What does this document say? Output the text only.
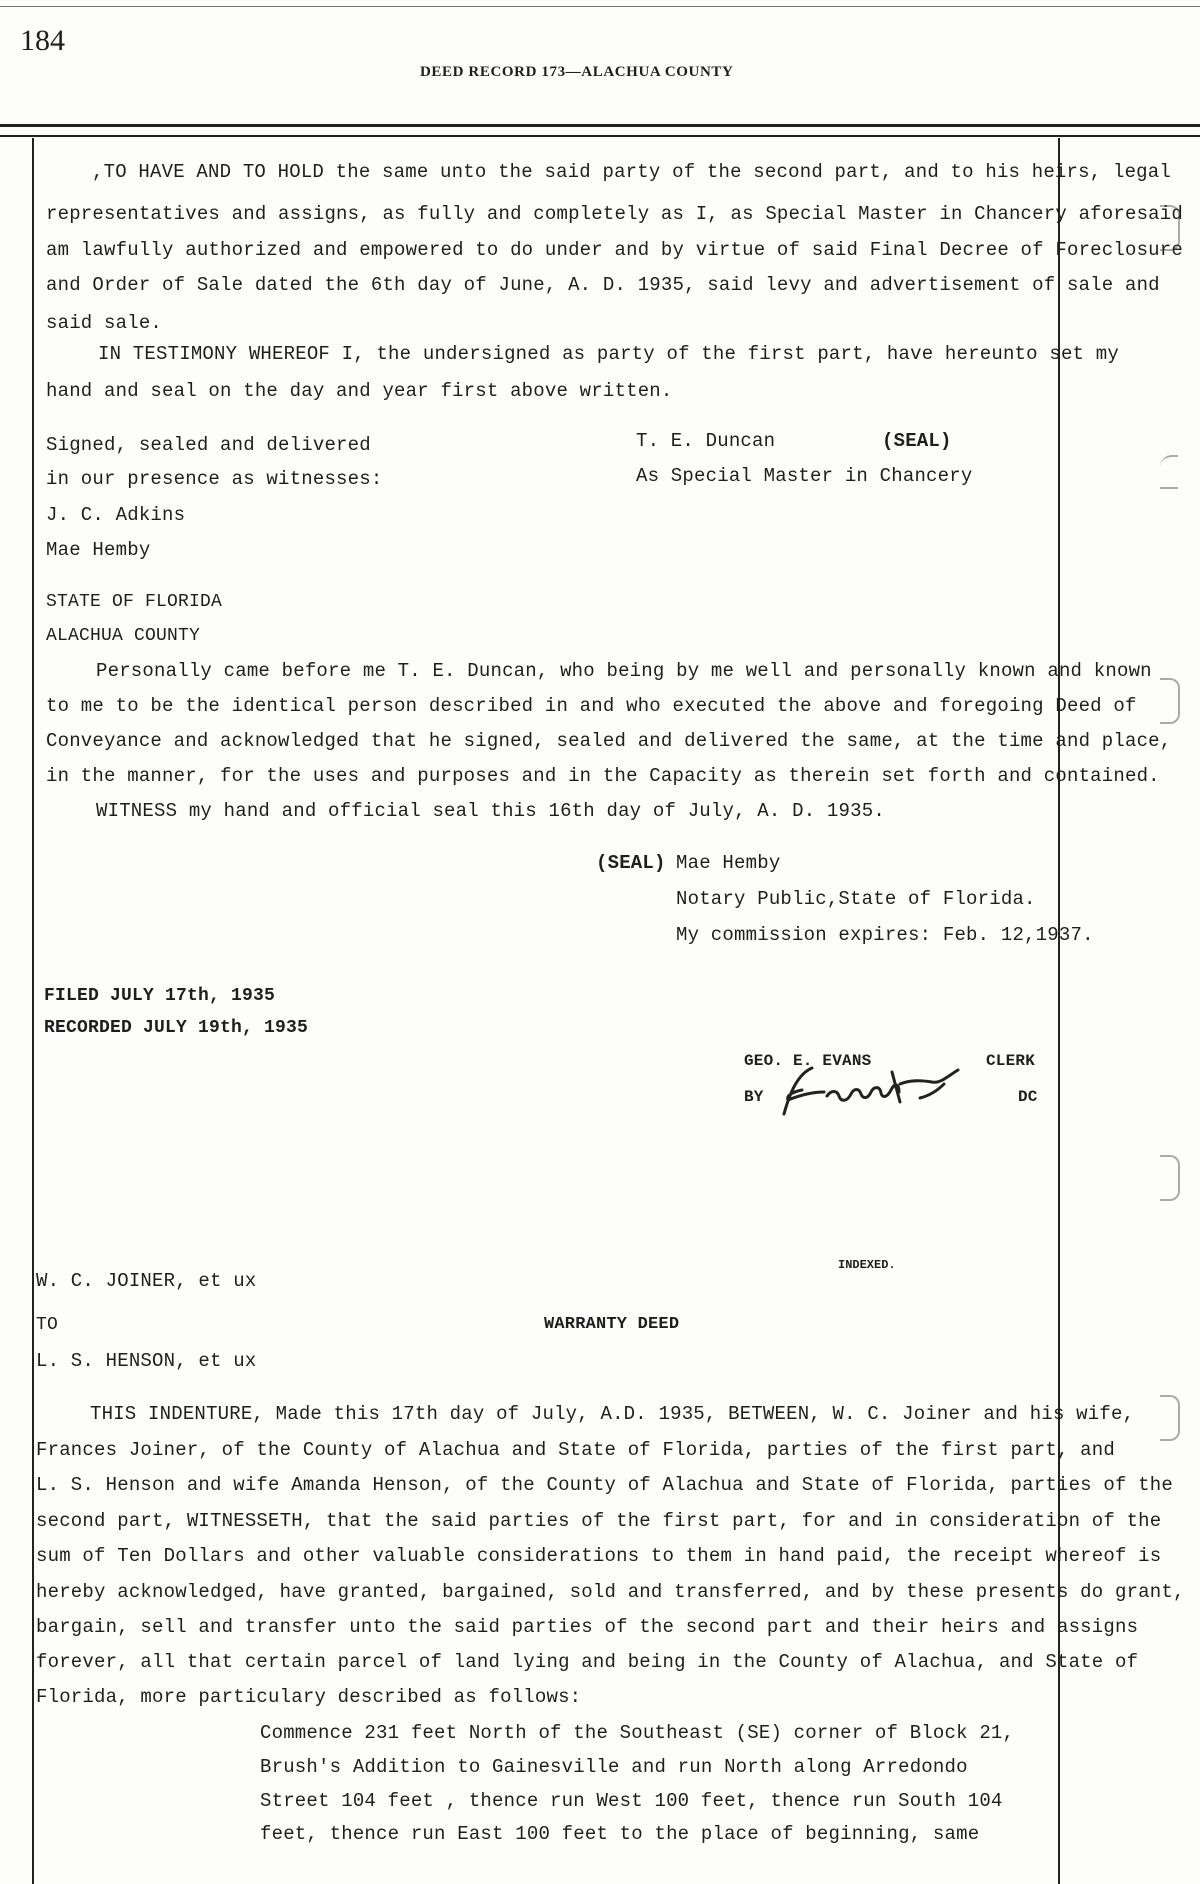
184
DEED RECORD 173—ALACHUA COUNTY
,TO HAVE AND TO HOLD the same unto the said party of the second part, and to his heirs, legal
representatives and assigns, as fully and completely as I, as Special Master in Chancery aforesaid
am lawfully authorized and empowered to do under and by virtue of said Final Decree of Foreclosure
and Order of Sale dated the 6th day of June, A. D. 1935, said levy and advertisement of sale and
said sale.
IN TESTIMONY WHEREOF I, the undersigned as party of the first part, have hereunto set my
hand and seal on the day and year first above written.
Signed, sealed and delivered
in our presence as witnesses:
J. C. Adkins
Mae Hemby
T. E. Duncan	(SEAL)
As Special Master in Chancery
STATE OF FLORIDA
ALACHUA COUNTY
Personally came before me T. E. Duncan, who being by me well and personally known and known
to me to be the identical person described in and who executed the above and foregoing Deed of
Conveyance and acknowledged that he signed, sealed and delivered the same, at the time and place,
in the manner, for the uses and purposes and in the Capacity as therein set forth and contained.
WITNESS my hand and official seal this 16th day of July, A. D. 1935.
(SEAL) Mae Hemby
Notary Public,State of Florida.
My commission expires: Feb. 12,1937.
FILED JULY 17th, 1935
RECORDED JULY 19th, 1935
GEO. E. EVANS	CLERK
BY	DC
INDEXED.
W. C. JOINER, et ux
TO	WARRANTY DEED
L. S. HENSON, et ux
THIS INDENTURE, Made this 17th day of July, A.D. 1935, BETWEEN, W. C. Joiner and his wife,
Frances Joiner, of the County of Alachua and State of Florida, parties of the first part, and
L. S. Henson and wife Amanda Henson, of the County of Alachua and State of Florida, parties of the
second part, WITNESSETH, that the said parties of the first part, for and in consideration of the
sum of Ten Dollars and other valuable considerations to them in hand paid, the receipt whereof is
hereby acknowledged, have granted, bargained, sold and transferred, and by these presents do grant,
bargain, sell and transfer unto the said parties of the second part and their heirs and assigns
forever, all that certain parcel of land lying and being in the County of Alachua, and State of
Florida, more particulary described as follows:
Commence 231 feet North of the Southeast (SE) corner of Block 21,
Brush's Addition to Gainesville and run North along Arredondo
Street 104 feet , thence run West 100 feet, thence run South 104
feet, thence run East 100 feet to the place of beginning, same
